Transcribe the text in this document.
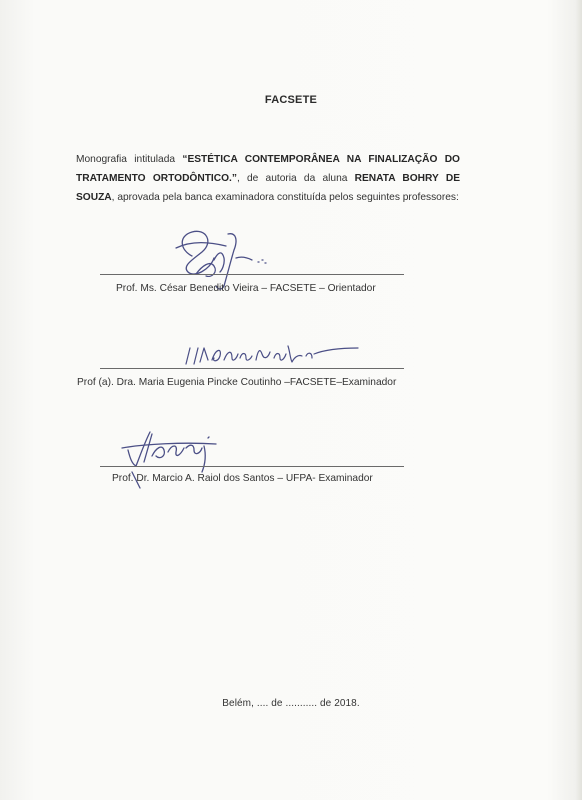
FACSETE
Monografia intitulada “ESTÉTICA CONTEMPORÂNEA NA FINALIZAÇÃO DO TRATAMENTO ORTODÔNTICO.”, de autoria da aluna RENATA BOHRY DE SOUZA, aprovada pela banca examinadora constituída pelos seguintes professores:
Prof. Ms. César Benedito Vieira – FACSETE – Orientador
Prof (a). Dra. Maria Eugenia Pincke Coutinho –FACSETE–Examinador
Prof. Dr. Marcio A. Raiol dos Santos – UFPA- Examinador
Belém, .... de ........... de 2018.
